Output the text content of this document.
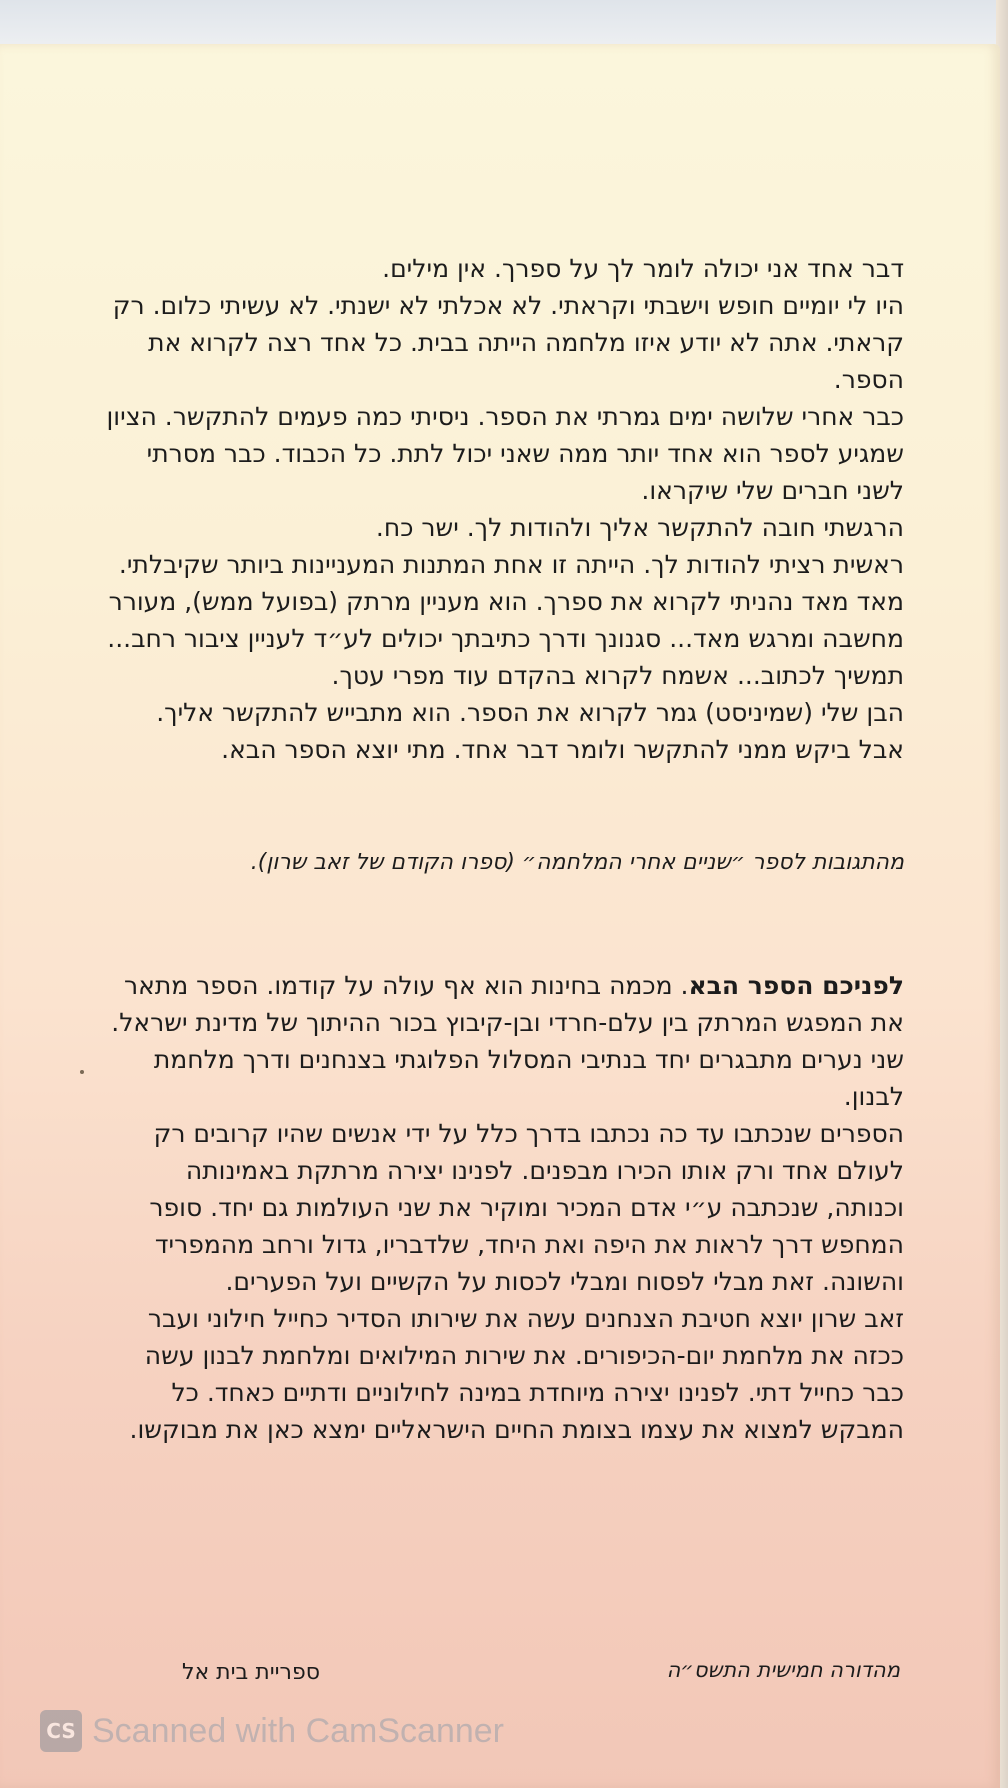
דבר אחד אני יכולה לומר לך על ספרך. אין מילים.

היו לי יומיים חופש וישבתי וקראתי. לא אכלתי לא ישנתי. לא עשיתי כלום. רק קראתי. אתה לא יודע איזו מלחמה הייתה בבית. כל אחד רצה לקרוא את הספר.

כבר אחרי שלושה ימים גמרתי את הספר. ניסיתי כמה פעמים להתקשר. הציון שמגיע לספר הוא אחד יותר ממה שאני יכול לתת. כל הכבוד. כבר מסרתי לשני חברים שלי שיקראו.

הרגשתי חובה להתקשר אליך ולהודות לך. ישר כח.

ראשית רציתי להודות לך. הייתה זו אחת המתנות המעניינות ביותר שקיבלתי. מאד מאד נהניתי לקרוא את ספרך. הוא מעניין מרתק (בפועל ממש), מעורר מחשבה ומרגש מאד... סגנונך ודרך כתיבתך יכולים לע״ד לעניין ציבור רחב... תמשיך לכתוב... אשמח לקרוא בהקדם עוד מפרי עטך.

הבן שלי (שמיניסט) גמר לקרוא את הספר. הוא מתבייש להתקשר אליך. אבל ביקש ממני להתקשר ולומר דבר אחד. מתי יוצא הספר הבא.

מהתגובות לספר ״שניים אחרי המלחמה״ (ספרו הקודם של זאב שרון).

לפניכם הספר הבא. מכמה בחינות הוא אף עולה על קודמו. הספר מתאר את המפגש המרתק בין עלם-חרדי ובן-קיבוץ בכור ההיתוך של מדינת ישראל. שני נערים מתבגרים יחד בנתיבי המסלול הפלוגתי בצנחנים ודרך מלחמת לבנון.

הספרים שנכתבו עד כה נכתבו בדרך כלל על ידי אנשים שהיו קרובים רק לעולם אחד ורק אותו הכירו מבפנים. לפנינו יצירה מרתקת באמינותה וכנותה, שנכתבה ע״י אדם המכיר ומוקיר את שני העולמות גם יחד. סופר המחפש דרך לראות את היפה ואת היחד, שלדבריו, גדול ורחב מהמפריד והשונה. זאת מבלי לפסוח ומבלי לכסות על הקשיים ועל הפערים.

זאב שרון יוצא חטיבת הצנחנים עשה את שירותו הסדיר כחייל חילוני ועבר ככזה את מלחמת יום-הכיפורים. את שירות המילואים ומלחמת לבנון עשה כבר כחייל דתי. לפנינו יצירה מיוחדת במינה לחילוניים ודתיים כאחד. כל המבקש למצוא את עצמו בצומת החיים הישראליים ימצא כאן את מבוקשו.

מהדורה חמישית התשס״ה
ספריית בית אל
CS Scanned with CamScanner
